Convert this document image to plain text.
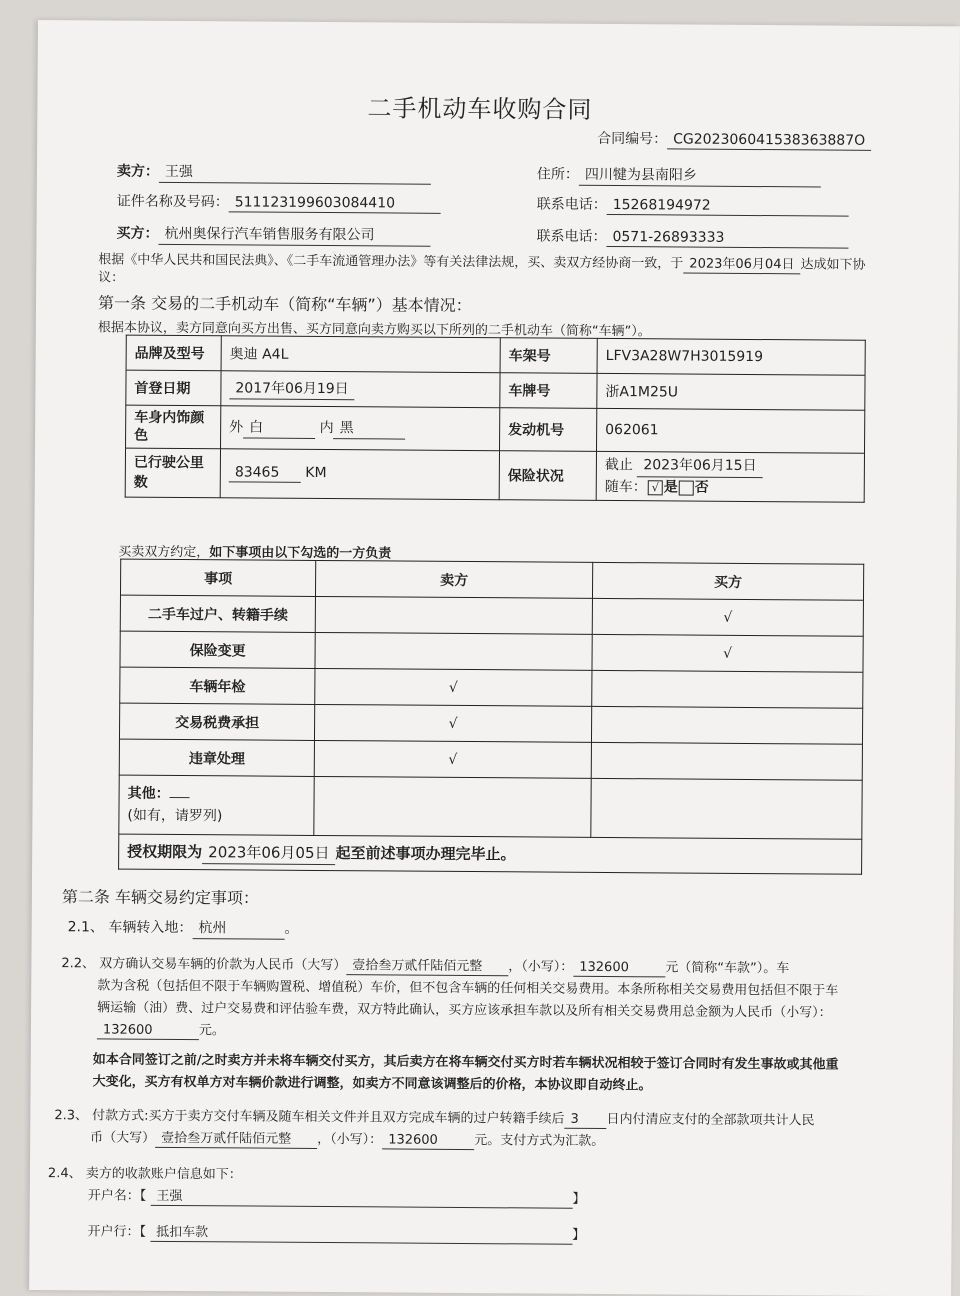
二手机动车收购合同
合同编号： CG202306041538363887O
卖方： 王强	住所： 四川犍为县南阳乡
证件名称及号码： 511123199603084410	联系电话： 15268194972
买方： 杭州奥保行汽车销售服务有限公司	联系电话： 0571-26893333
根据《中华人民共和国民法典》、《二手车流通管理办法》等有关法律法规，买、卖双方经协商一致，于 2023年06月04日 达成如下协
议：
第一条 交易的二手机动车（简称“车辆”）基本情况：
根据本协议，卖方同意向买方出售、买方同意向卖方购买以下所列的二手机动车（简称“车辆”）。
品牌及型号	奥迪 A4L	车架号	LFV3A28W7H3015919
首登日期	2017年06月19日	车牌号	浙A1M25U
车身内饰颜
色	外 白 内 黑	发动机号	062061
已行驶公里
数	83465 KM	保险状况	截止 2023年06月15日
随车： √ 是 否
买卖双方约定，如下事项由以下勾选的一方负责
事项	卖方	买方
二手车过户、转籍手续		√
保险变更		√
车辆年检	√	
交易税费承担	√	
违章处理	√	
其他：
(如有，请罗列)		
授权期限为 2023年06月05日 起至前述事项办理完毕止。		
第二条 车辆交易约定事项：
2.1、 车辆转入地： 杭州	。
2.2、 双方确认交易车辆的价款为人民币（大写） 壹拾叁万贰仟陆佰元整 ，（小写）： 132600	元（简称“车款”）。车
款为含税（包括但不限于车辆购置税、增值税）车价，但不包含车辆的任何相关交易费用。本条所称相关交易费用包括但不限于车
辆运输（油）费、过户交易费和评估验车费，双方特此确认，买方应该承担车款以及所有相关交易费用总金额为人民币（小写）：
132600	元。
如本合同签订之前/之时卖方并未将车辆交付买方，其后卖方在将车辆交付买方时若车辆状况相较于签订合同时有发生事故或其他重
大变化，买方有权单方对车辆价款进行调整，如卖方不同意该调整后的价格，本协议即自动终止。
2.3、 付款方式:买方于卖方交付车辆及随车相关文件并且双方完成车辆的过户转籍手续后 3 日内付清应支付的全部款项共计人民
币（大写） 壹拾叁万贰仟陆佰元整 ，（小写）： 132600	元。支付方式为汇款。
2.4、 卖方的收款账户信息如下：
开户名：【 王强	】
开户行：【 抵扣车款	】
